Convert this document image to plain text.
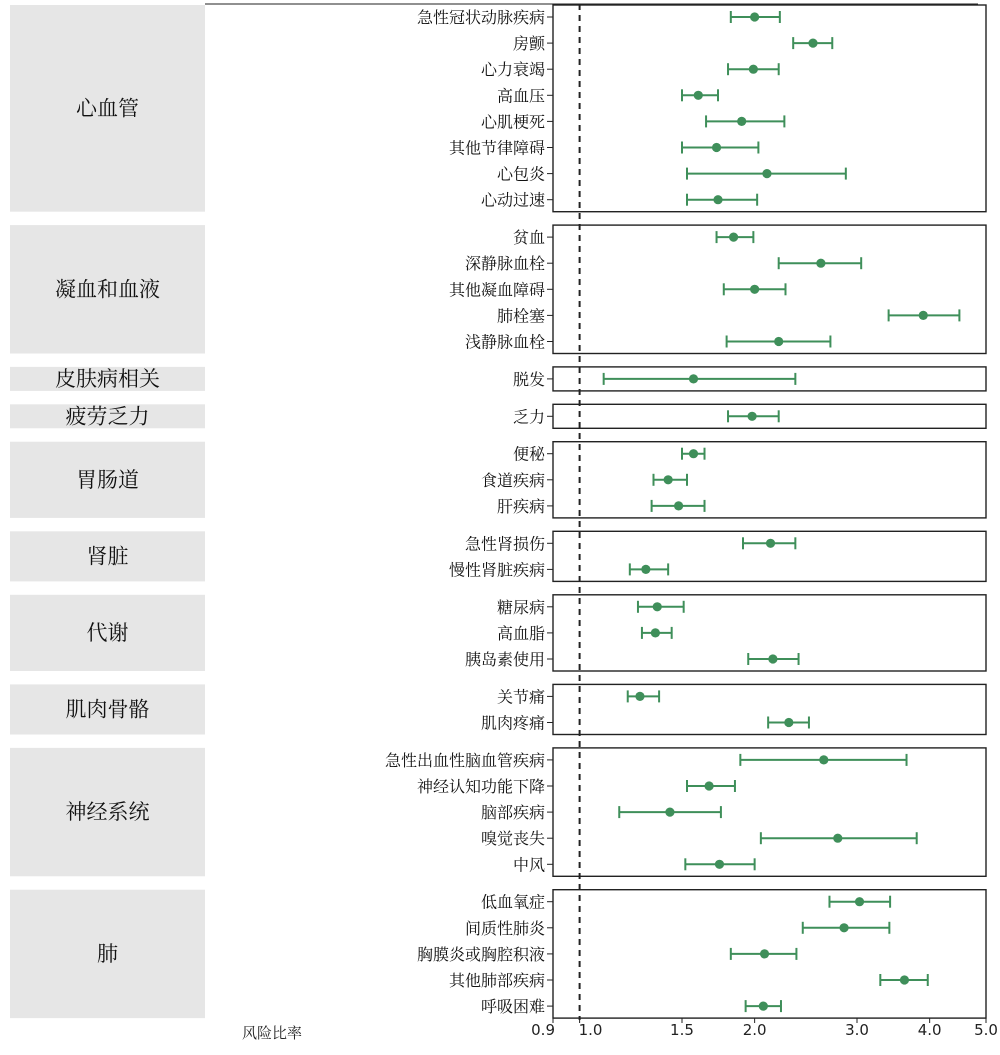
心血管
凝血和血液
皮肤病相关
疲劳乏力
胃肠道
肾脏
代谢
肌肉骨骼
神经系统
肺
急性冠状动脉疾病
房颤
心力衰竭
高血压
心肌梗死
其他节律障碍
心包炎
心动过速
贫血
深静脉血栓
其他凝血障碍
肺栓塞
浅静脉血栓
脱发
乏力
便秘
食道疾病
肝疾病
急性肾损伤
慢性肾脏疾病
糖尿病
高血脂
胰岛素使用
关节痛
肌肉疼痛
急性出血性脑血管疾病
神经认知功能下降
脑部疾病
嗅觉丧失
中风
低血氧症
间质性肺炎
胸膜炎或胸腔积液
其他肺部疾病
呼吸困难
0.9 1.0	1.5	2.0	3.0	4.0 5.0
风险比率
